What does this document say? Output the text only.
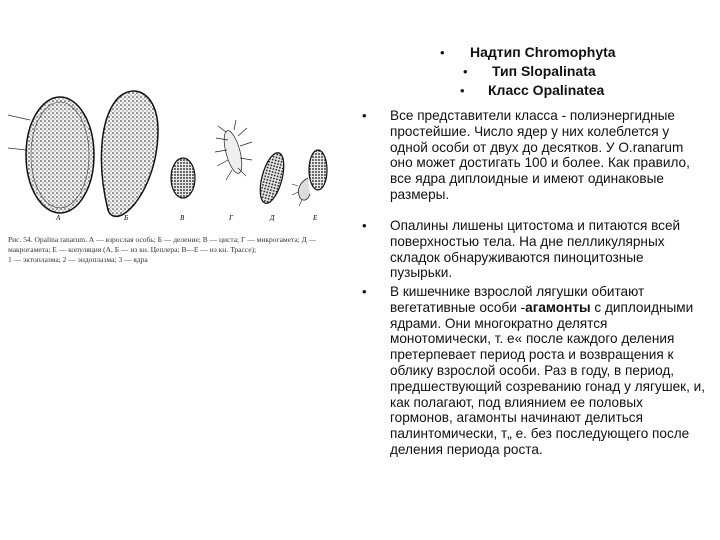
А	Б	В	Г	Д	Е
Рис. 54. Opalina ranarum. А — взрослая особь; Б — деление; В — циста; Г — микрогамета; Д — макрогамета; Е — копуляция (А, Б — из кн. Цеплера; В—Е — из кн. Трассе);
1 — эктоплазма; 2 — эндоплазма; 3 — ядра
• Надтип Chromophyta
• Тип Slopalinata
• Класс Opalinatea
• Все представители класса - полиэнергидные простейшие. Число ядер у них колеблется у одной особи от двух до десятков. У O.ranarum оно может достигать 100 и более. Как правило, все ядра диплоидные и имеют одинаковые размеры.
• Опалины лишены цитостома и питаются всей поверхностью тела. На дне пелликулярных складок обнаруживаются пиноцитозные пузырьки.
• В кишечнике взрослой лягушки обитают вегетативные особи -агамонты с диплоидными ядрами. Они многократно делятся монотомически, т. е« после каждого деления претерпевает период роста и возвращения к облику взрослой особи. Раз в году, в период, предшествующий созреванию гонад у лягушек, и, как полагают, под влиянием ее половых гормонов, агамонты начинают делиться палинтомически, т„ е. без последующего после деления периода роста.
